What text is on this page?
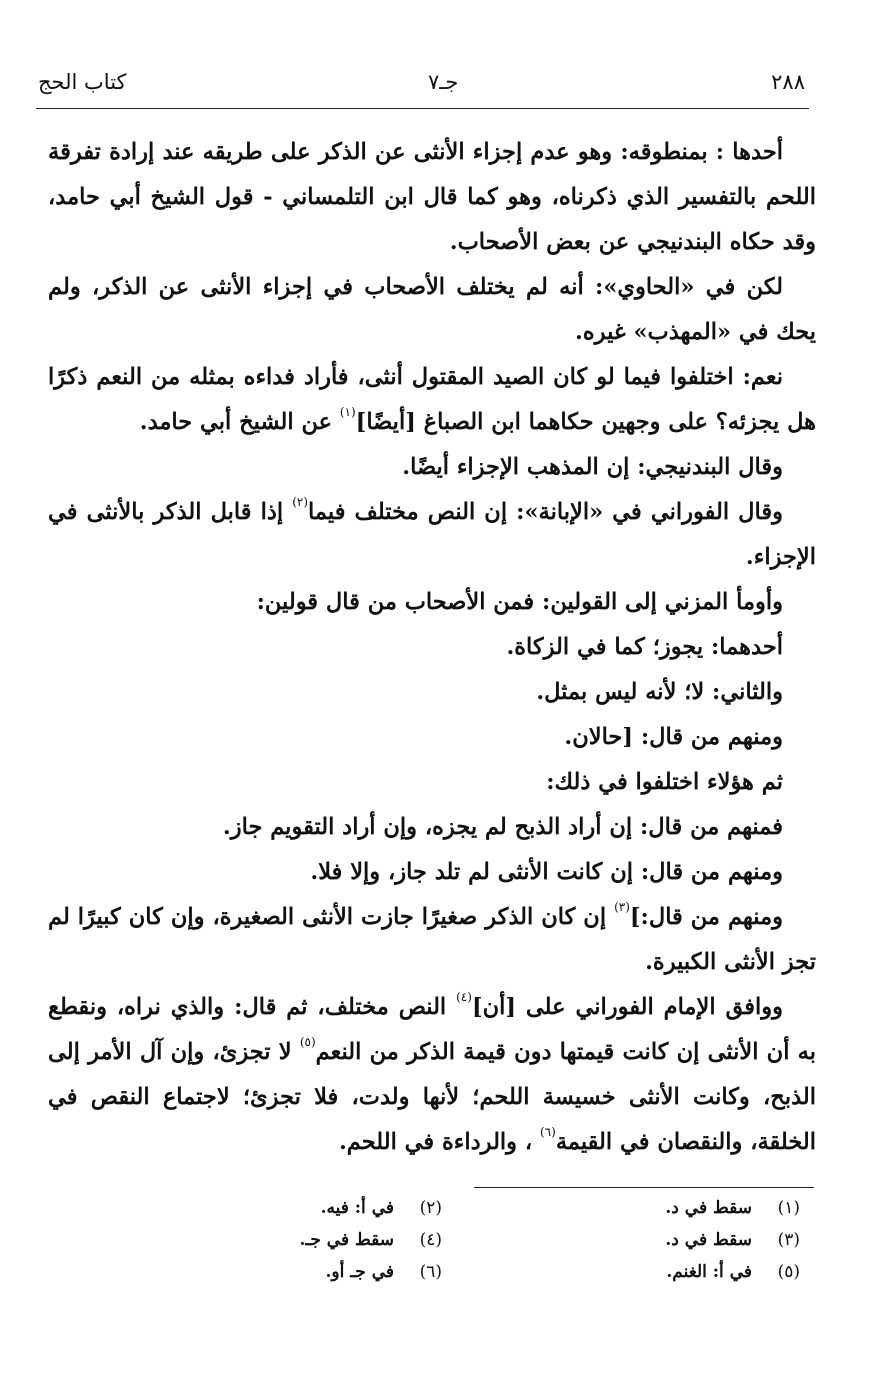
٢٨٨
جـ٧
كتاب الحج

أحدها : بمنطوقه: وهو عدم إجزاء الأنثى عن الذكر على طريقه عند إرادة تفرقة اللحم بالتفسير الذي ذكرناه، وهو كما قال ابن التلمساني - قول الشيخ أبي حامد، وقد حكاه البندنيجي عن بعض الأصحاب.

لكن في «الحاوي»: أنه لم يختلف الأصحاب في إجزاء الأنثى عن الذكر، ولم يحك في «المهذب» غيره.

نعم: اختلفوا فيما لو كان الصيد المقتول أنثى، فأراد فداءه بمثله من النعم ذكرًا هل يجزئه؟ على وجهين حكاهما ابن الصباغ [أيضًا]$^{(١)}$ عن الشيخ أبي حامد.

وقال البندنيجي: إن المذهب الإجزاء أيضًا.

وقال الفوراني في «الإبانة»: إن النص مختلف فيما$^{(٢)}$ إذا قابل الذكر بالأنثى في الإجزاء.

وأومأ المزني إلى القولين: فمن الأصحاب من قال قولين:

أحدهما: يجوز؛ كما في الزكاة.

والثاني: لا؛ لأنه ليس بمثل.

ومنهم من قال: [حالان.

ثم هؤلاء اختلفوا في ذلك:

فمنهم من قال: إن أراد الذبح لم يجزه، وإن أراد التقويم جاز.

ومنهم من قال: إن كانت الأنثى لم تلد جاز، وإلا فلا.

ومنهم من قال:]$^{(٣)}$ إن كان الذكر صغيرًا جازت الأنثى الصغيرة، وإن كان كبيرًا لم تجز الأنثى الكبيرة.

ووافق الإمام الفوراني على [أن]$^{(٤)}$ النص مختلف، ثم قال: والذي نراه، ونقطع به أن الأنثى إن كانت قيمتها دون قيمة الذكر من النعم$^{(٥)}$ لا تجزئ، وإن آل الأمر إلى الذبح، وكانت الأنثى خسيسة اللحم؛ لأنها ولدت، فلا تجزئ؛ لاجتماع النقص في الخلقة، والنقصان في القيمة$^{(٦)}$ ، والرداءة في اللحم.

(١)سقط في د.
(٢)في أ: فيه.
(٣)سقط في د.
(٤)سقط في جـ.
(٥)في أ: الغنم.
(٦)في جـ أو.
